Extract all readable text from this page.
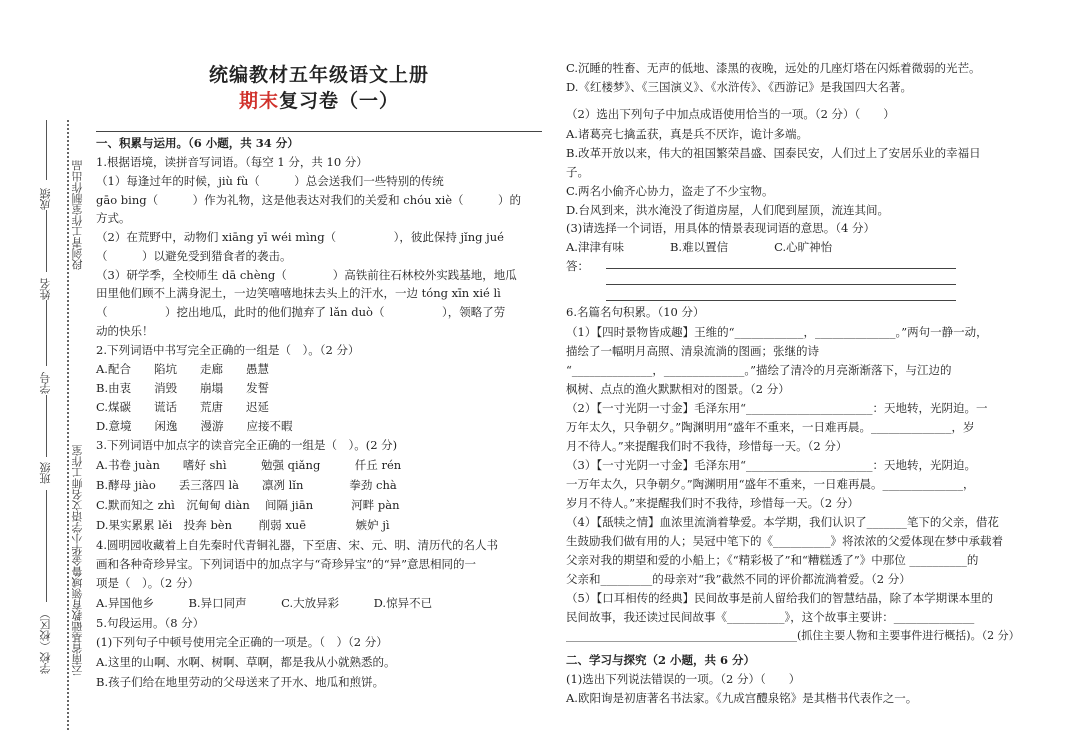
成绩
姓名
学号
班级
学校（校区）
段剑青工作室制作出品
云南省基础教育领域鲁金华小学语文名师工作室
统编教材五年级语文上册
期末复习卷（一）
一、积累与运用。（6 小题，共 34 分）
1.根据语境，读拼音写词语。（每空 1 分，共 10 分）
（1）每逢过年的时候，jiù fù（　　　）总会送我们一些特别的传统
gāo bing（　　　）作为礼物，这是他表达对我们的关爱和 chóu xiè（　　　）的
方式。
（2）在荒野中，动物们 xiāng yī wéi mìng（　　　　　），彼此保持 jǐng jué
（　　　）以避免受到猎食者的袭击。
（3）研学季，全校师生 dā chèng（　　　　）高铁前往石林校外实践基地，地瓜
田里他们顾不上满身泥土，一边笑嘻嘻地抹去头上的汗水，一边 tóng xīn xié lì
（　　　　　）挖出地瓜，此时的他们抛弃了 lǎn duò（　　　　　），领略了劳
动的快乐！
2.下列词语中书写完全正确的一组是（　）。（2 分）
A.配合　　陷坑　　走廊　　愚慧
B.由衷　　消毁　　崩塌　　发誓
C.煤碳　　谎话　　荒唐　　迟延
D.意境　　闲逸　　漫游　　应接不暇
3.下列词语中加点字的读音完全正确的一组是（　）。(2 分)
A.书卷 juàn　　嗜好 shì　　　勉强 qiǎng　　　仟丘 rén
B.酵母 jiào　　丢三落四 là　　凛冽 lǐn　　　　拳劲 chà
C.默而知之 zhì　沉甸甸 diàn　 间隔 jiān　　　 河畔 pàn
D.果实累累 lěi　投奔 bèn　　 削弱 xuē　　　　 嫉妒 jì
4.圆明园收藏着上自先秦时代青铜礼器，下至唐、宋、元、明、清历代的名人书
画和各种奇珍异宝。下列词语中的加点字与“奇珍异宝”的“异”意思相同的一
项是（　）。（2 分）
A.异国他乡　　　B.异口同声　　　C.大放异彩　　　D.惊异不已
5.句段运用。（8 分）
(1)下列句子中顿号使用完全正确的一项是。（　）（2 分）
A.这里的山啊、水啊、树啊、草啊，都是我从小就熟悉的。
B.孩子们给在地里劳动的父母送来了开水、地瓜和煎饼。
C.沉睡的牲畜、无声的低地、漆黑的夜晚，远处的几座灯塔在闪烁着微弱的光芒。
D.《红楼梦》、《三国演义》、《水浒传》、《西游记》是我国四大名著。
（2）选出下列句子中加点成语使用恰当的一项。（2 分）（　　）
A.诸葛亮七擒孟获，真是兵不厌诈，诡计多端。
B.改革开放以来，伟大的祖国繁荣昌盛、国泰民安，人们过上了安居乐业的幸福日
子。
C.两名小偷齐心协力，盗走了不少宝物。
D.台风到来，洪水淹没了街道房屋，人们爬到屋顶，流连其间。
(3)请选择一个词语，用具体的情景表现词语的意思。（4 分）
A.津津有味　　　　B.难以置信　　　　C.心旷神怡
答：
6.名篇名句积累。（10 分）
（1）【四时景物皆成趣】王维的“____________，______________。”两句一静一动，
描绘了一幅明月高照、清泉流淌的图画；张继的诗
“______________，______________。”描绘了清冷的月亮渐渐落下，与江边的
枫树、点点的渔火默默相对的图景。（2 分）
（2）【一寸光阴一寸金】毛泽东用“______________________：天地转，光阴迫。一
万年太久，只争朝夕。”陶渊明用“盛年不重来，一日难再晨。______________，岁
月不待人。”来提醒我们时不我待，珍惜每一天。（2 分）
（3）【一寸光阴一寸金】毛泽东用“______________________：天地转，光阴迫。
一万年太久，只争朝夕。”陶渊明用“盛年不重来，一日难再晨。______________，
岁月不待人。”来提醒我们时不我待，珍惜每一天。（2 分）
（4）【舐犊之情】血浓里流淌着挚爱。本学期，我们认识了_______笔下的父亲，借花
生鼓励我们做有用的人；吴冠中笔下的《__________》将浓浓的父爱体现在梦中承载着
父亲对我的期望和爱的小船上；《“精彩极了”和“糟糕透了”》中那位 __________的
父亲和_________的母亲对“我”截然不同的评价都流淌着爱。（2 分）
（5）【口耳相传的经典】民间故事是前人留给我们的智慧结晶，除了本学期课本里的
民间故事，我还读过民间故事《__________》，这个故事主要讲：______________
__________________________________________(抓住主要人物和主要事件进行概括)。（2 分）
二、学习与探究（2 小题，共 6 分）
(1)选出下列说法错误的一项。（2 分）（　　）
A.欧阳询是初唐著名书法家。《九成宫醴泉铭》是其楷书代表作之一。
